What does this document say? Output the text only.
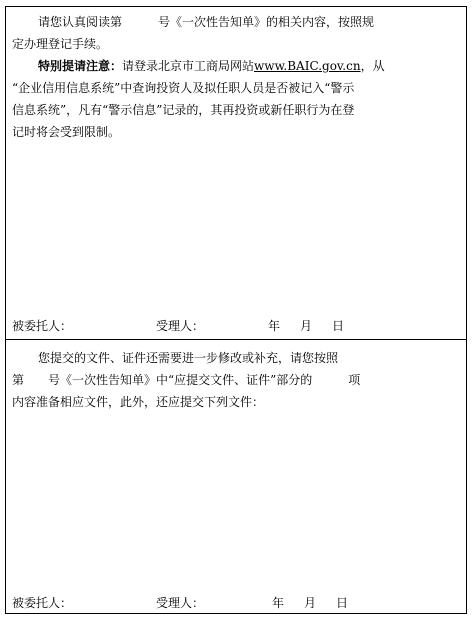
请您认真阅读第　　　号《一次性告知单》的相关内容，按照规

定办理登记手续。

特别提请注意：请登录北京市工商局网站www.BAIC.gov.cn，从

“企业信用信息系统”中查询投资人及拟任职人员是否被记入“警示

信息系统”，凡有“警示信息”记录的，其再投资或新任职行为在登

记时将会受到限制。

被委托人：	受理人：	年 月 日

您提交的文件、证件还需要进一步修改或补充，请您按照

第　　号《一次性告知单》中“应提交文件、证件”部分的　　　项

内容准备相应文件，此外，还应提交下列文件：

被委托人：	受理人：	年 月 日
